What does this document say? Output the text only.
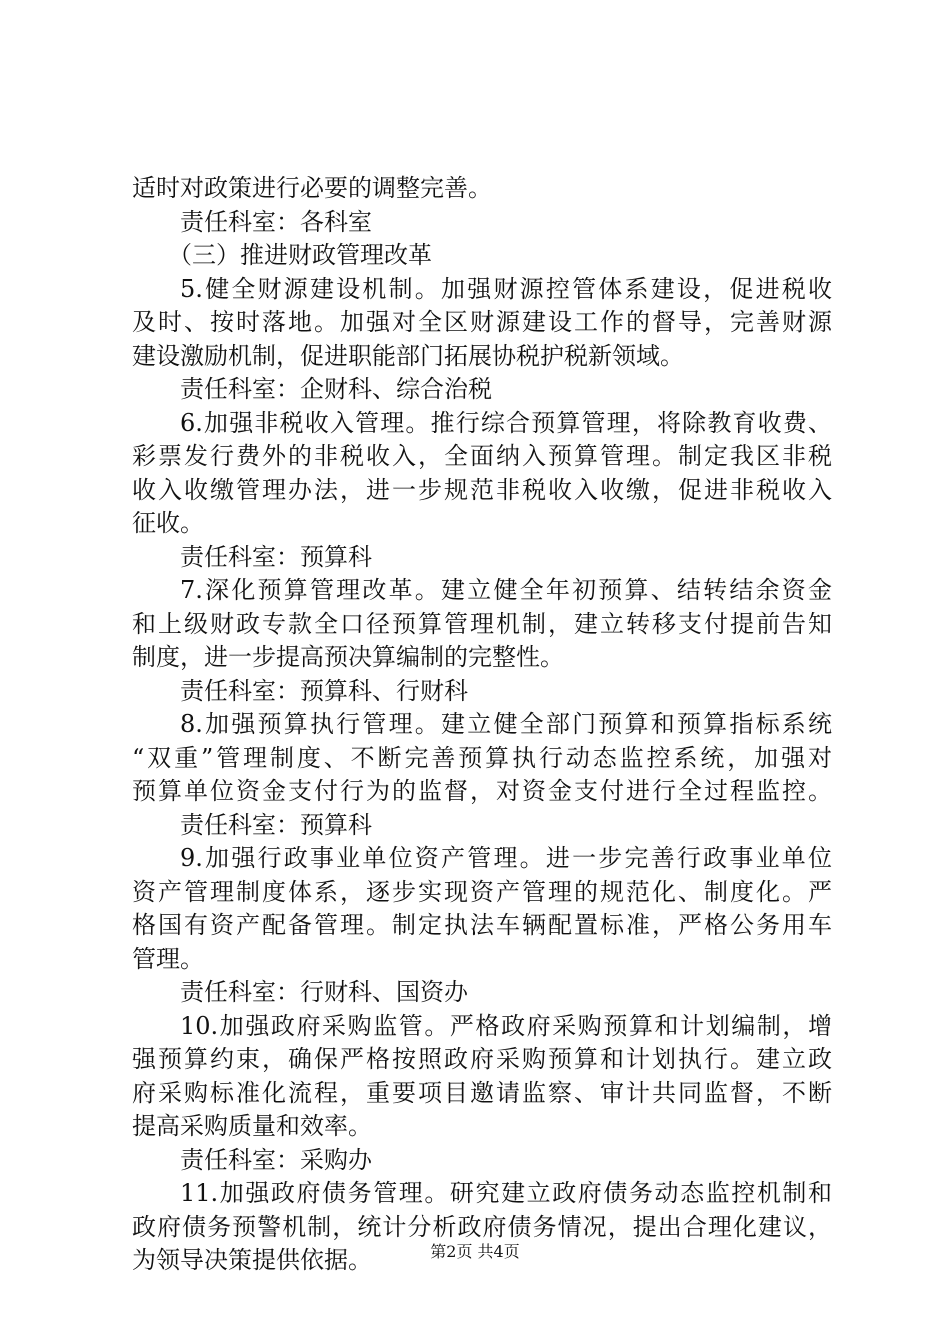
适时对政策进行必要的调整完善。
责任科室：各科室
（三）推进财政管理改革
5.健全财源建设机制。加强财源控管体系建设，促进税收
及时、按时落地。加强对全区财源建设工作的督导，完善财源
建设激励机制，促进职能部门拓展协税护税新领域。
责任科室：企财科、综合治税
6.加强非税收入管理。推行综合预算管理，将除教育收费、
彩票发行费外的非税收入，全面纳入预算管理。制定我区非税
收入收缴管理办法，进一步规范非税收入收缴，促进非税收入
征收。
责任科室：预算科
7.深化预算管理改革。建立健全年初预算、结转结余资金
和上级财政专款全口径预算管理机制，建立转移支付提前告知
制度，进一步提高预决算编制的完整性。
责任科室：预算科、行财科
8.加强预算执行管理。建立健全部门预算和预算指标系统
“双重”管理制度、不断完善预算执行动态监控系统，加强对
预算单位资金支付行为的监督，对资金支付进行全过程监控。
责任科室：预算科
9.加强行政事业单位资产管理。进一步完善行政事业单位
资产管理制度体系，逐步实现资产管理的规范化、制度化。严
格国有资产配备管理。制定执法车辆配置标准，严格公务用车
管理。
责任科室：行财科、国资办
10.加强政府采购监管。严格政府采购预算和计划编制，增
强预算约束，确保严格按照政府采购预算和计划执行。建立政
府采购标准化流程，重要项目邀请监察、审计共同监督，不断
提高采购质量和效率。
责任科室：采购办
11.加强政府债务管理。研究建立政府债务动态监控机制和
政府债务预警机制，统计分析政府债务情况，提出合理化建议，
为领导决策提供依据。	第2页 共4页
